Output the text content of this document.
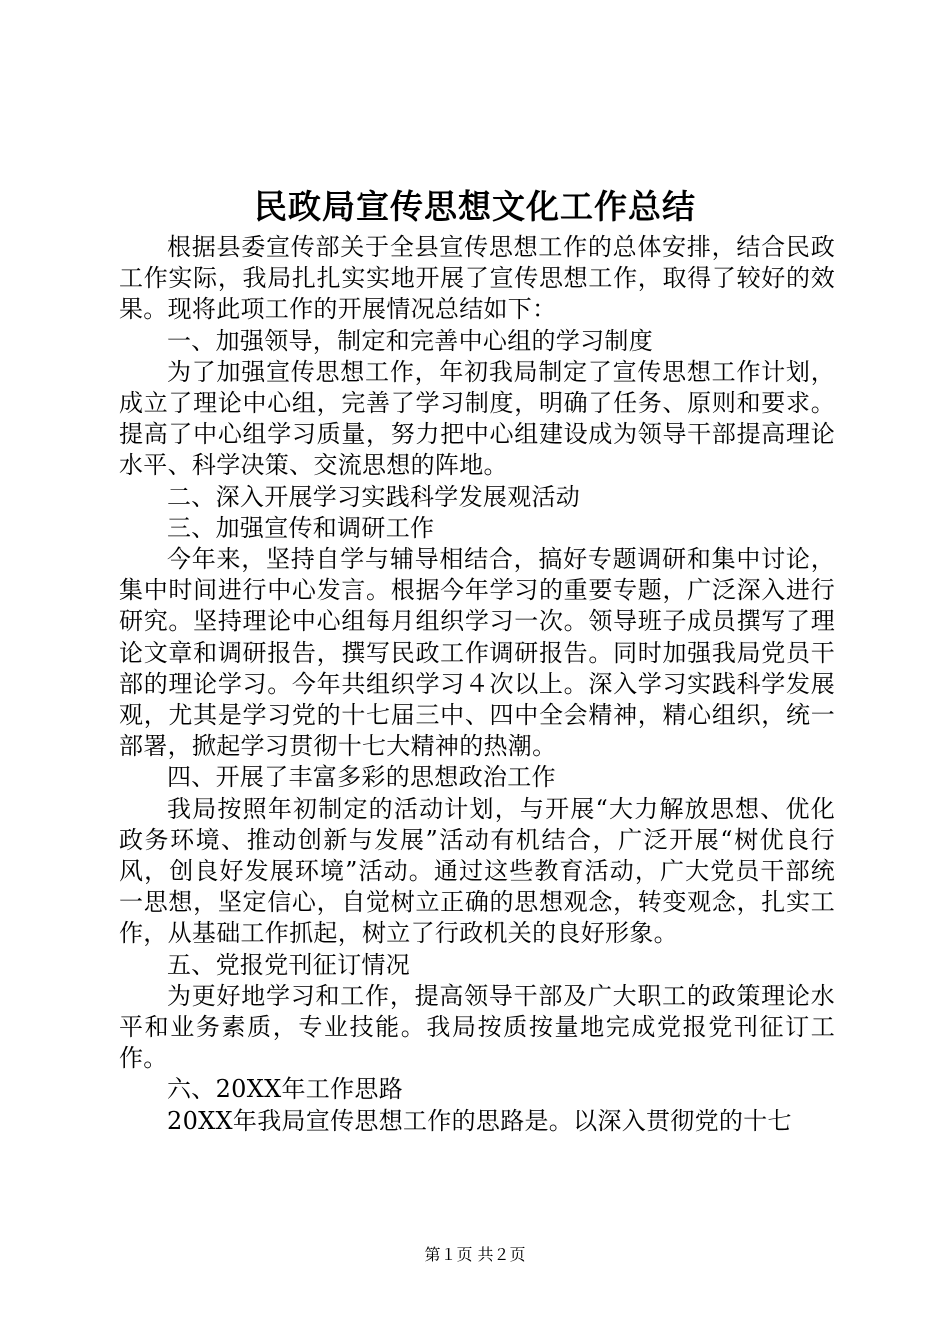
民政局宣传思想文化工作总结

根据县委宣传部关于全县宣传思想工作的总体安排，结合民政工作实际，我局扎扎实实地开展了宣传思想工作，取得了较好的效果。现将此项工作的开展情况总结如下：

一、加强领导，制定和完善中心组的学习制度

为了加强宣传思想工作，年初我局制定了宣传思想工作计划，成立了理论中心组，完善了学习制度，明确了任务、原则和要求。提高了中心组学习质量，努力把中心组建设成为领导干部提高理论水平、科学决策、交流思想的阵地。

二、深入开展学习实践科学发展观活动

三、加强宣传和调研工作

今年来，坚持自学与辅导相结合，搞好专题调研和集中讨论，集中时间进行中心发言。根据今年学习的重要专题，广泛深入进行研究。坚持理论中心组每月组织学习一次。领导班子成员撰写了理论文章和调研报告，撰写民政工作调研报告。同时加强我局党员干部的理论学习。今年共组织学习４次以上。深入学习实践科学发展观，尤其是学习党的十七届三中、四中全会精神，精心组织，统一部署，掀起学习贯彻十七大精神的热潮。

四、开展了丰富多彩的思想政治工作

我局按照年初制定的活动计划，与开展“大力解放思想、优化政务环境、推动创新与发展”活动有机结合，广泛开展“树优良行风，创良好发展环境”活动。通过这些教育活动，广大党员干部统一思想，坚定信心，自觉树立正确的思想观念，转变观念，扎实工作，从基础工作抓起，树立了行政机关的良好形象。

五、党报党刊征订情况

为更好地学习和工作，提高领导干部及广大职工的政策理论水平和业务素质，专业技能。我局按质按量地完成党报党刊征订工作。

六、20XX年工作思路

20XX年我局宣传思想工作的思路是。以深入贯彻党的十七

第１页 共２页
